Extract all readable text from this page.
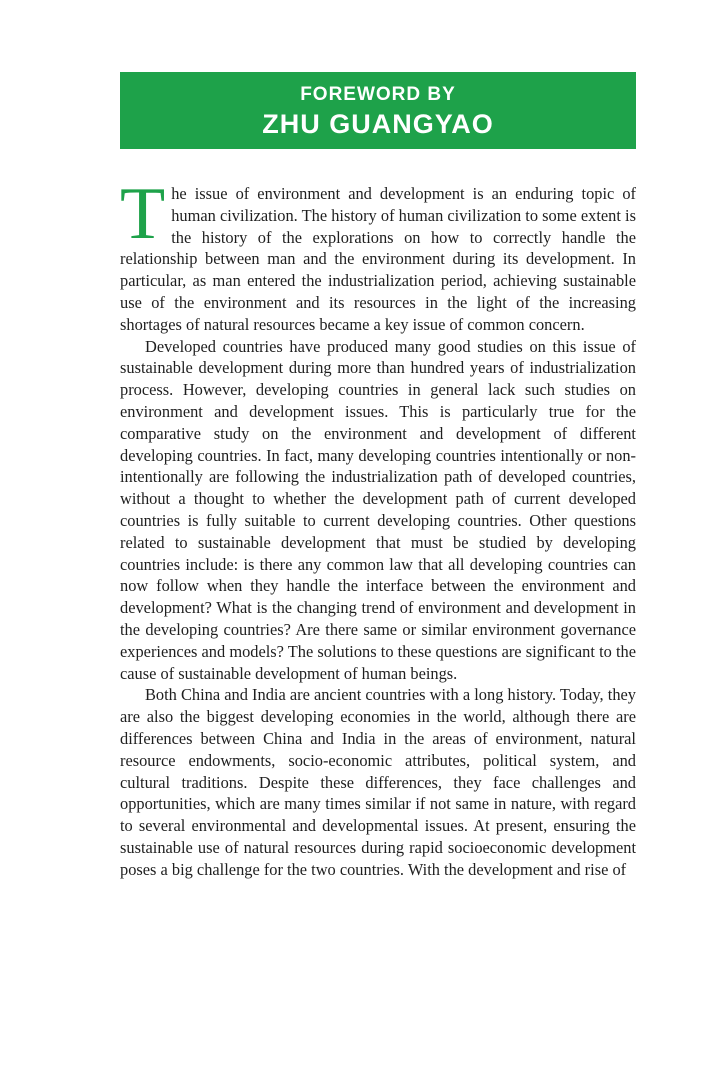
FOREWORD BY
ZHU GUANGYAO

The issue of environment and development is an enduring topic of human civilization. The history of human civilization to some extent is the history of the explorations on how to correctly handle the relationship between man and the environment during its development. In particular, as man entered the industrialization period, achieving sustainable use of the environment and its resources in the light of the increasing shortages of natural resources became a key issue of common concern.

Developed countries have produced many good studies on this issue of sustainable development during more than hundred years of industrialization process. However, developing countries in general lack such studies on environment and development issues. This is particularly true for the comparative study on the environment and development of different developing countries. In fact, many developing countries intentionally or non-intentionally are following the industrialization path of developed countries, without a thought to whether the development path of current developed countries is fully suitable to current developing countries. Other questions related to sustainable development that must be studied by developing countries include: is there any common law that all developing countries can now follow when they handle the interface between the environment and development? What is the changing trend of environment and development in the developing countries? Are there same or similar environment governance experiences and models? The solutions to these questions are significant to the cause of sustainable development of human beings.

Both China and India are ancient countries with a long history. Today, they are also the biggest developing economies in the world, although there are differences between China and India in the areas of environment, natural resource endowments, socio-economic attributes, political system, and cultural traditions. Despite these differences, they face challenges and opportunities, which are many times similar if not same in nature, with regard to several environmental and developmental issues. At present, ensuring the sustainable use of natural resources during rapid socioeconomic development poses a big challenge for the two countries. With the development and rise of
